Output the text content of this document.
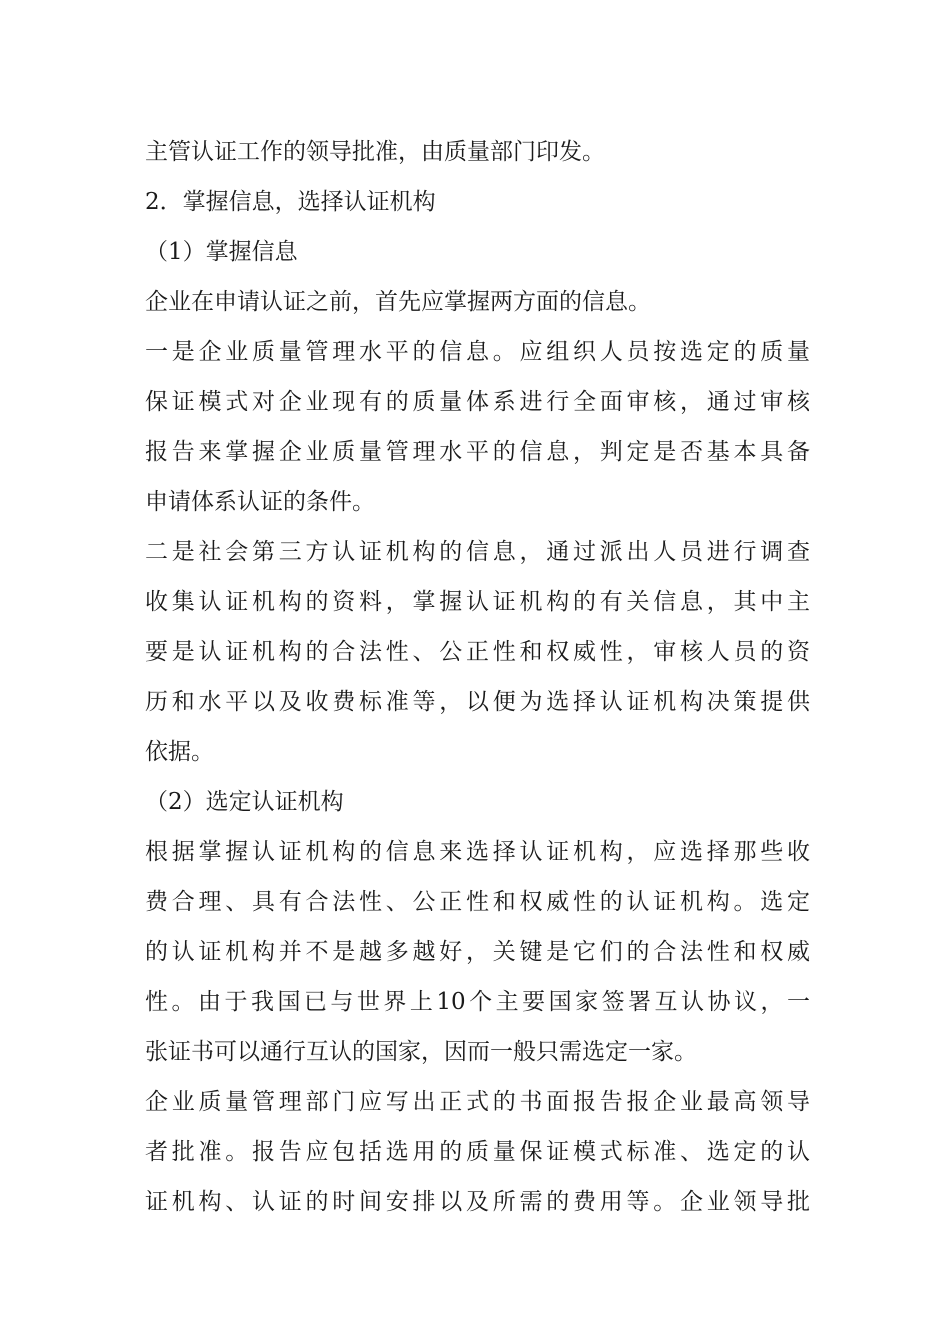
主管认证工作的领导批准，由质量部门印发。
2．掌握信息，选择认证机构
（1）掌握信息
企业在申请认证之前，首先应掌握两方面的信息。
一是企业质量管理水平的信息。应组织人员按选定的质量
保证模式对企业现有的质量体系进行全面审核，通过审核
报告来掌握企业质量管理水平的信息，判定是否基本具备
申请体系认证的条件。
二是社会第三方认证机构的信息，通过派出人员进行调查
收集认证机构的资料，掌握认证机构的有关信息，其中主
要是认证机构的合法性、公正性和权威性，审核人员的资
历和水平以及收费标准等，以便为选择认证机构决策提供
依据。
（2）选定认证机构
根据掌握认证机构的信息来选择认证机构，应选择那些收
费合理、具有合法性、公正性和权威性的认证机构。选定
的认证机构并不是越多越好，关键是它们的合法性和权威
性。由于我国已与世界上10个主要国家签署互认协议，一
张证书可以通行互认的国家，因而一般只需选定一家。
企业质量管理部门应写出正式的书面报告报企业最高领导
者批准。报告应包括选用的质量保证模式标准、选定的认
证机构、认证的时间安排以及所需的费用等。企业领导批
